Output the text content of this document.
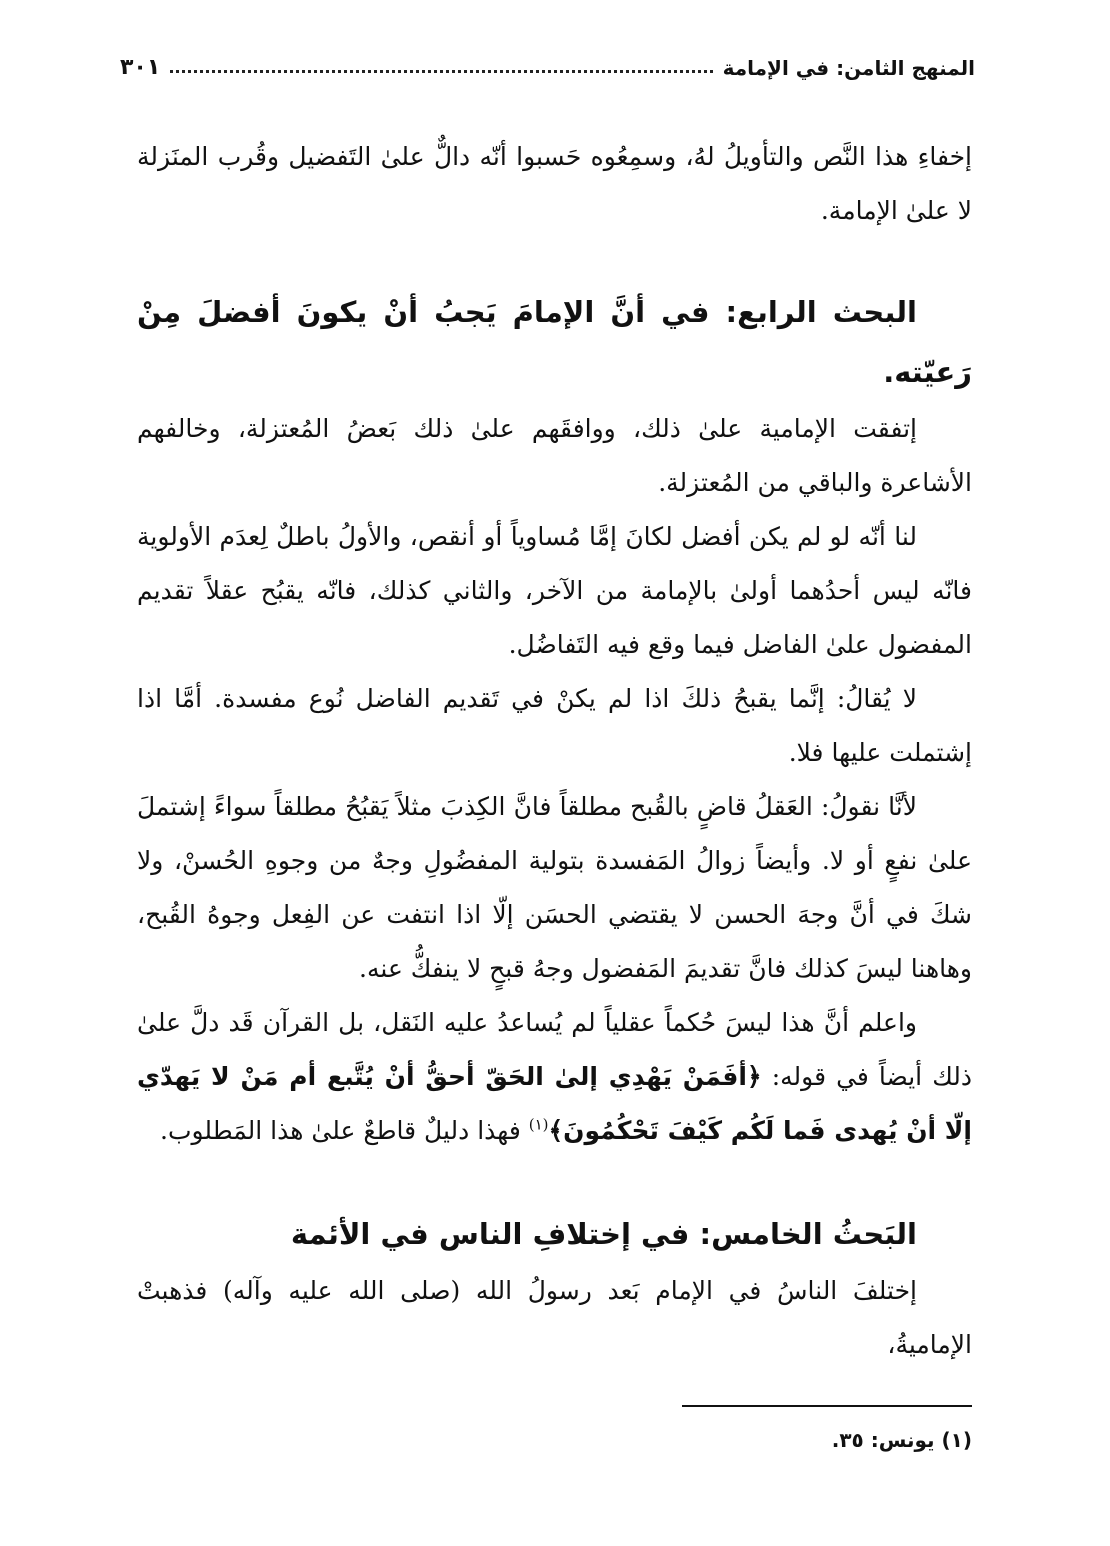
المنهج الثامن: في الإمامة
٣٠١

إخفاءِ هذا النَّص والتأويلُ لهُ، وسمِعُوه حَسبوا أنّه دالٌّ علىٰ التَفضيل وقُرب المنَزلة لا علىٰ الإمامة.

البحث الرابع: في أنَّ الإمامَ يَجبُ أنْ يكونَ أفضلَ مِنْ رَعيّته.

إتفقت الإمامية علىٰ ذلك، ووافقَهم علىٰ ذلك بَعضُ المُعتزلة، وخالفهم الأشاعرة والباقي من المُعتزلة.

لنا أنّه لو لم يكن أفضل لكانَ إمَّا مُساوياً أو أنقص، والأولُ باطلٌ لِعدَم الأولوية فانّه ليس أحدُهما أولىٰ بالإمامة من الآخر، والثاني كذلك، فانّه يقبُح عقلاً تقديم المفضول علىٰ الفاضل فيما وقع فيه التَفاضُل.

لا يُقالُ: إنَّما يقبحُ ذلكَ اذا لم يكنْ في تَقديم الفاضل نُوع مفسدة. أمَّا اذا إشتملت عليها فلا.

لأنَّا نقولُ: العَقلُ قاضٍ بالقُبح مطلقاً فانَّ الكِذبَ مثلاً يَقبُحُ مطلقاً سواءً إشتملَ علىٰ نفعٍ أو لا. وأيضاً زوالُ المَفسدة بتولية المفضُولِ وجهٌ من وجوهِ الحُسنْ، ولا شكَ في أنَّ وجهَ الحسن لا يقتضي الحسَن إلّا اذا انتفت عن الفِعل وجوهُ القُبح، وهاهنا ليسَ كذلك فانَّ تقديمَ المَفضول وجهُ قبحٍ لا ينفكُّ عنه.

واعلم أنَّ هذا ليسَ حُكماً عقلياً لم يُساعدُ عليه النَقل، بل القرآن قَد دلَّ علىٰ ذلك أيضاً في قوله: ﴿أفَمَنْ يَهْدِي إلىٰ الحَقّ أحقُّ أنْ يُتَّبع أم مَنْ لا يَهدّي إلّا أنْ يُهدى فَما لَكُم كَيْفَ تَحْكُمُونَ﴾$^{(١)}$ فهذا دليلٌ قاطعٌ علىٰ هذا المَطلوب.

البَحثُ الخامس: في إختلافِ الناس في الأئمة

إختلفَ الناسُ في الإمام بَعد رسولُ الله (صلى الله عليه وآله) فذهبتْ الإماميةُ،

(١) يونس: ٣٥.
